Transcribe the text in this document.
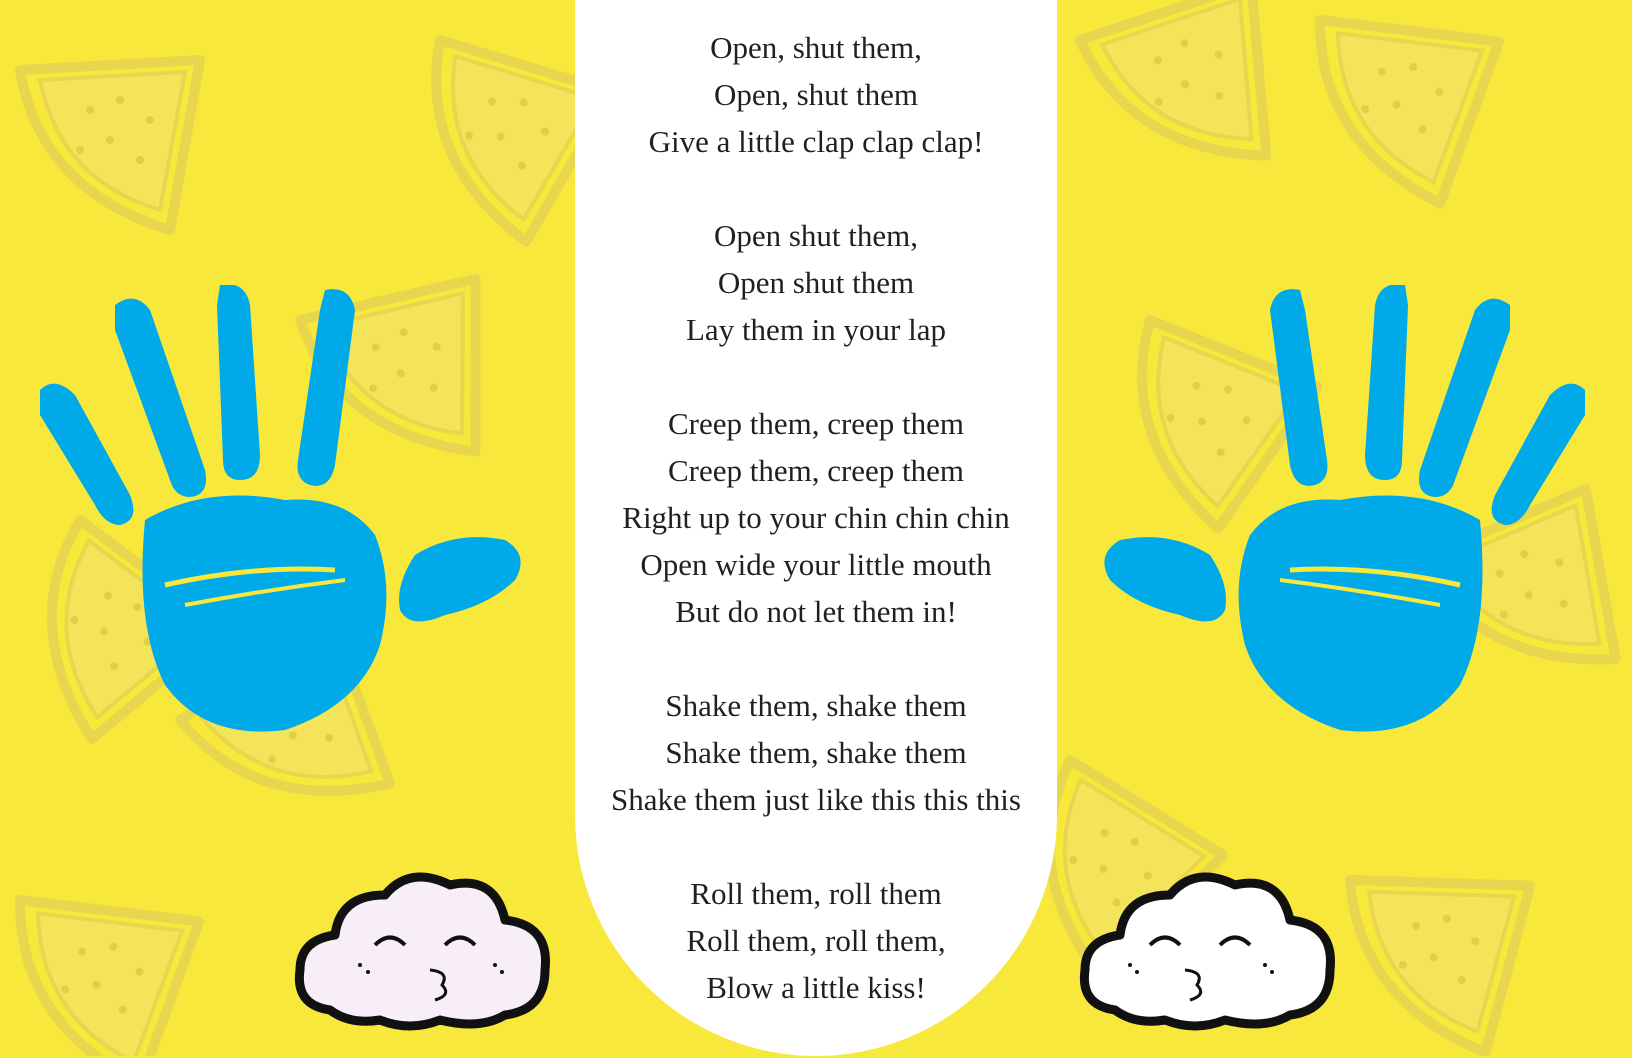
Open, shut them,
Open, shut them
Give a little clap clap clap!
Open shut them,
Open shut them
Lay them in your lap
Creep them, creep them
Creep them, creep them
Right up to your chin chin chin
Open wide your little mouth
But do not let them in!
Shake them, shake them
Shake them, shake them
Shake them just like this this this
Roll them, roll them
Roll them, roll them,
Blow a little kiss!
